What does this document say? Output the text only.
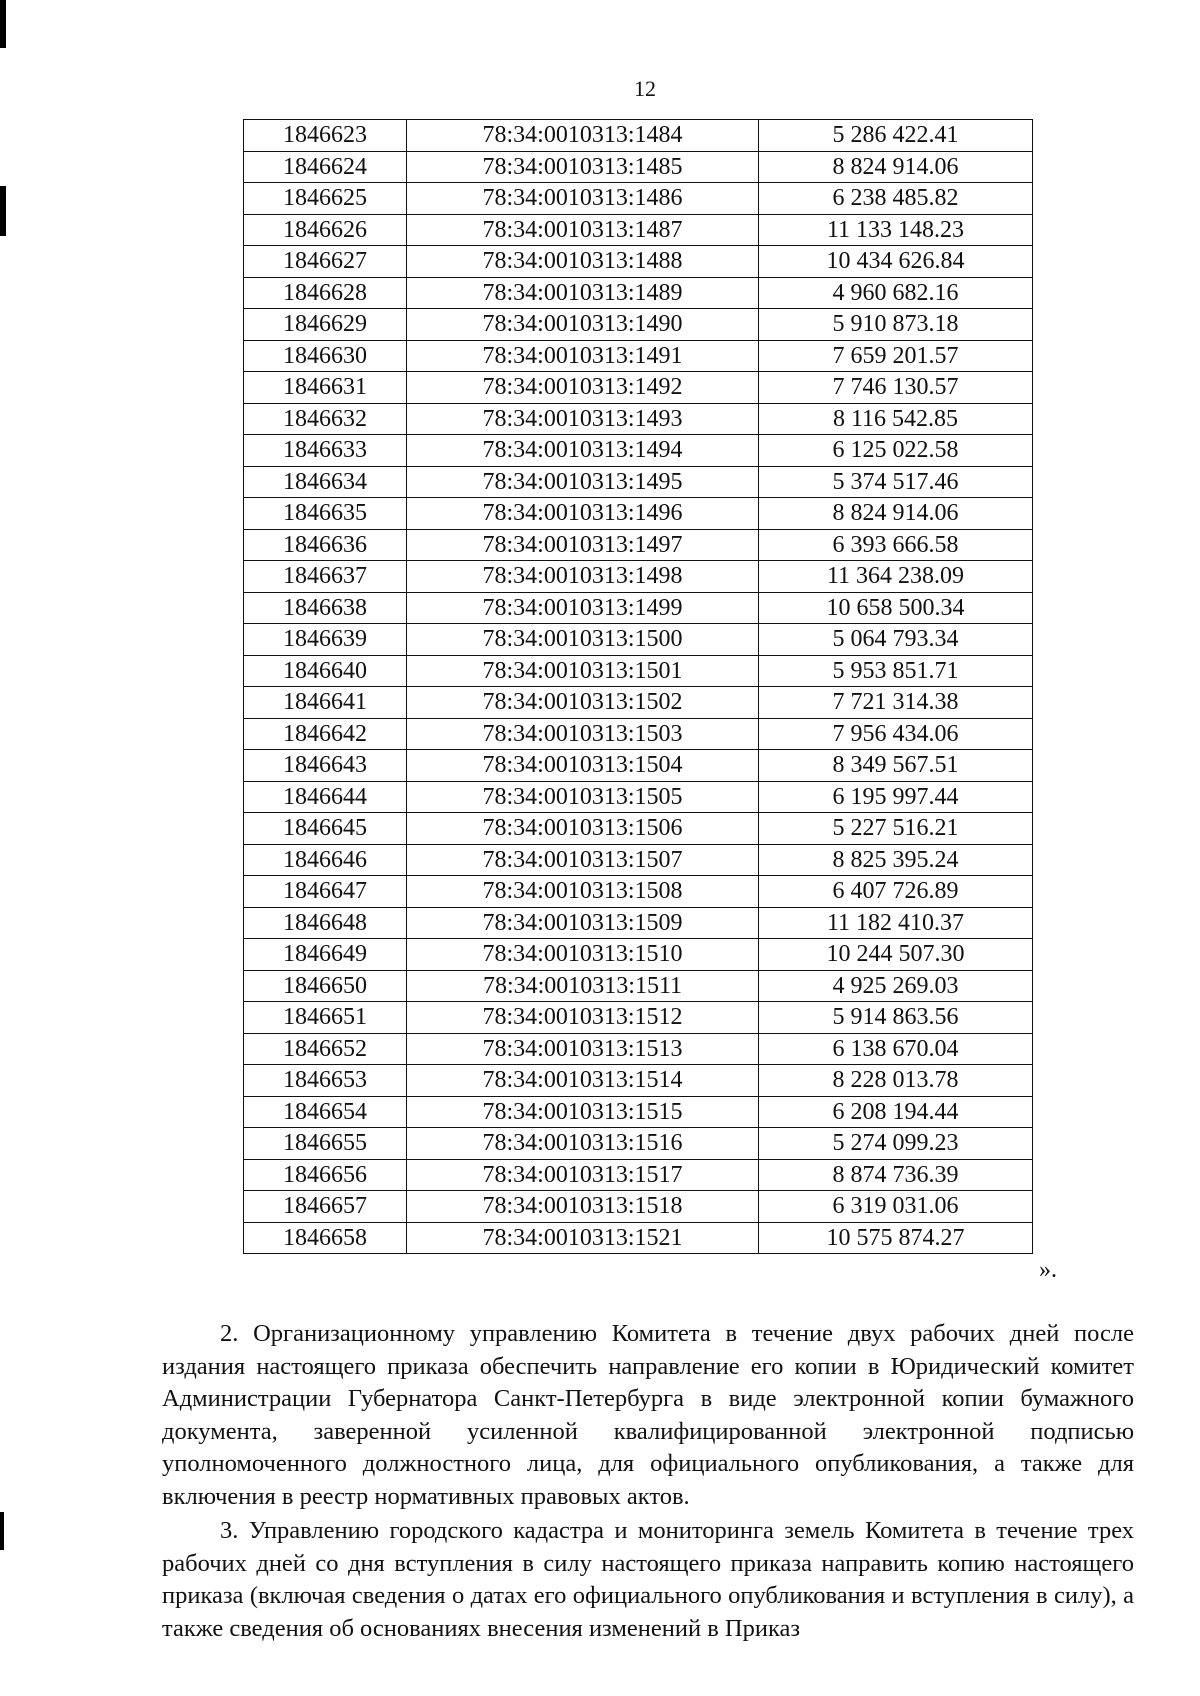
12
1846623	78:34:0010313:1484	5 286 422.41
1846624	78:34:0010313:1485	8 824 914.06
1846625	78:34:0010313:1486	6 238 485.82
1846626	78:34:0010313:1487	11 133 148.23
1846627	78:34:0010313:1488	10 434 626.84
1846628	78:34:0010313:1489	4 960 682.16
1846629	78:34:0010313:1490	5 910 873.18
1846630	78:34:0010313:1491	7 659 201.57
1846631	78:34:0010313:1492	7 746 130.57
1846632	78:34:0010313:1493	8 116 542.85
1846633	78:34:0010313:1494	6 125 022.58
1846634	78:34:0010313:1495	5 374 517.46
1846635	78:34:0010313:1496	8 824 914.06
1846636	78:34:0010313:1497	6 393 666.58
1846637	78:34:0010313:1498	11 364 238.09
1846638	78:34:0010313:1499	10 658 500.34
1846639	78:34:0010313:1500	5 064 793.34
1846640	78:34:0010313:1501	5 953 851.71
1846641	78:34:0010313:1502	7 721 314.38
1846642	78:34:0010313:1503	7 956 434.06
1846643	78:34:0010313:1504	8 349 567.51
1846644	78:34:0010313:1505	6 195 997.44
1846645	78:34:0010313:1506	5 227 516.21
1846646	78:34:0010313:1507	8 825 395.24
1846647	78:34:0010313:1508	6 407 726.89
1846648	78:34:0010313:1509	11 182 410.37
1846649	78:34:0010313:1510	10 244 507.30
1846650	78:34:0010313:1511	4 925 269.03
1846651	78:34:0010313:1512	5 914 863.56
1846652	78:34:0010313:1513	6 138 670.04
1846653	78:34:0010313:1514	8 228 013.78
1846654	78:34:0010313:1515	6 208 194.44
1846655	78:34:0010313:1516	5 274 099.23
1846656	78:34:0010313:1517	8 874 736.39
1846657	78:34:0010313:1518	6 319 031.06
1846658	78:34:0010313:1521	10 575 874.27
».

2. Организационному управлению Комитета в течение двух рабочих дней после издания настоящего приказа обеспечить направление его копии в Юридический комитет Администрации Губернатора Санкт-Петербурга в виде электронной копии бумажного документа, заверенной усиленной квалифицированной электронной подписью уполномоченного должностного лица, для официального опубликования, а также для включения в реестр нормативных правовых актов.

3. Управлению городского кадастра и мониторинга земель Комитета в течение трех рабочих дней со дня вступления в силу настоящего приказа направить копию настоящего приказа (включая сведения о датах его официального опубликования и вступления в силу), а также сведения об основаниях внесения изменений в Приказ
